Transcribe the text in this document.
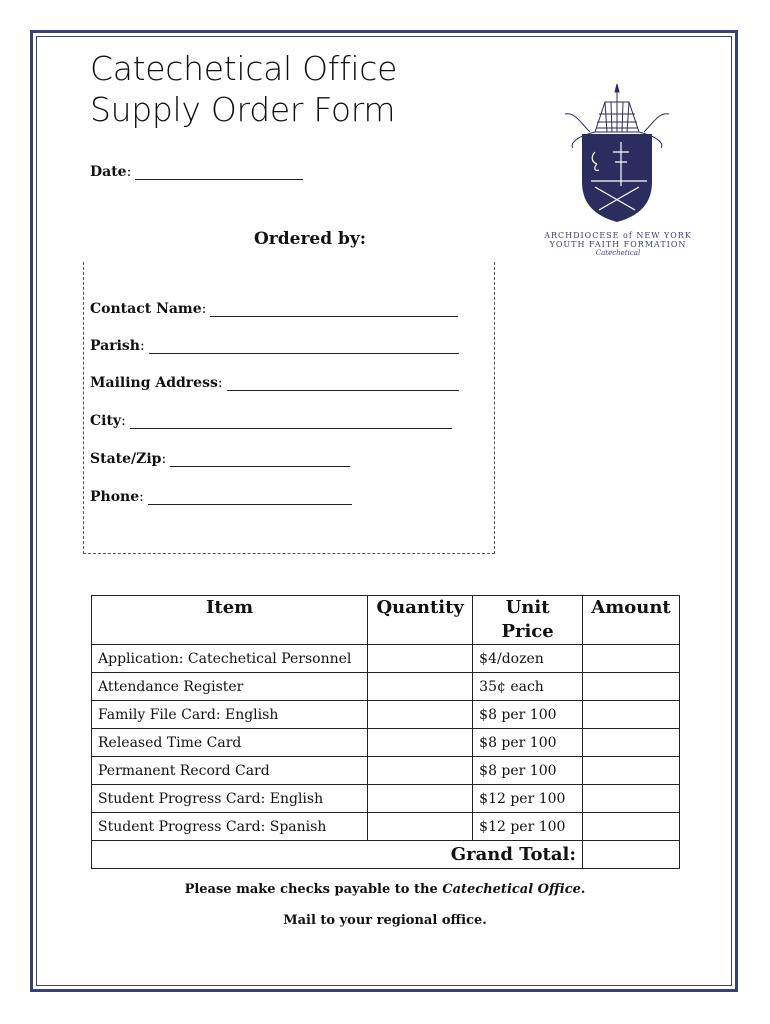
Catechetical Office
Supply Order Form
Date :
Ordered by:
Contact Name :
Parish :
Mailing Address :
City :
State/Zip :
Phone :
ARCHDIOCESE of NEW YORK
YOUTH FAITH FORMATION
Catechetical
Item	Quantity	Unit Price	Amount
Application: Catechetical Personnel		$4/dozen	
Attendance Register		35¢ each	
Family File Card: English		$8 per 100	
Released Time Card		$8 per 100	
Permanent Record Card		$8 per 100	
Student Progress Card: English		$12 per 100	
Student Progress Card: Spanish		$12 per 100	
Grand Total:			
Please make checks payable to the Catechetical Office.
Mail to your regional office.
